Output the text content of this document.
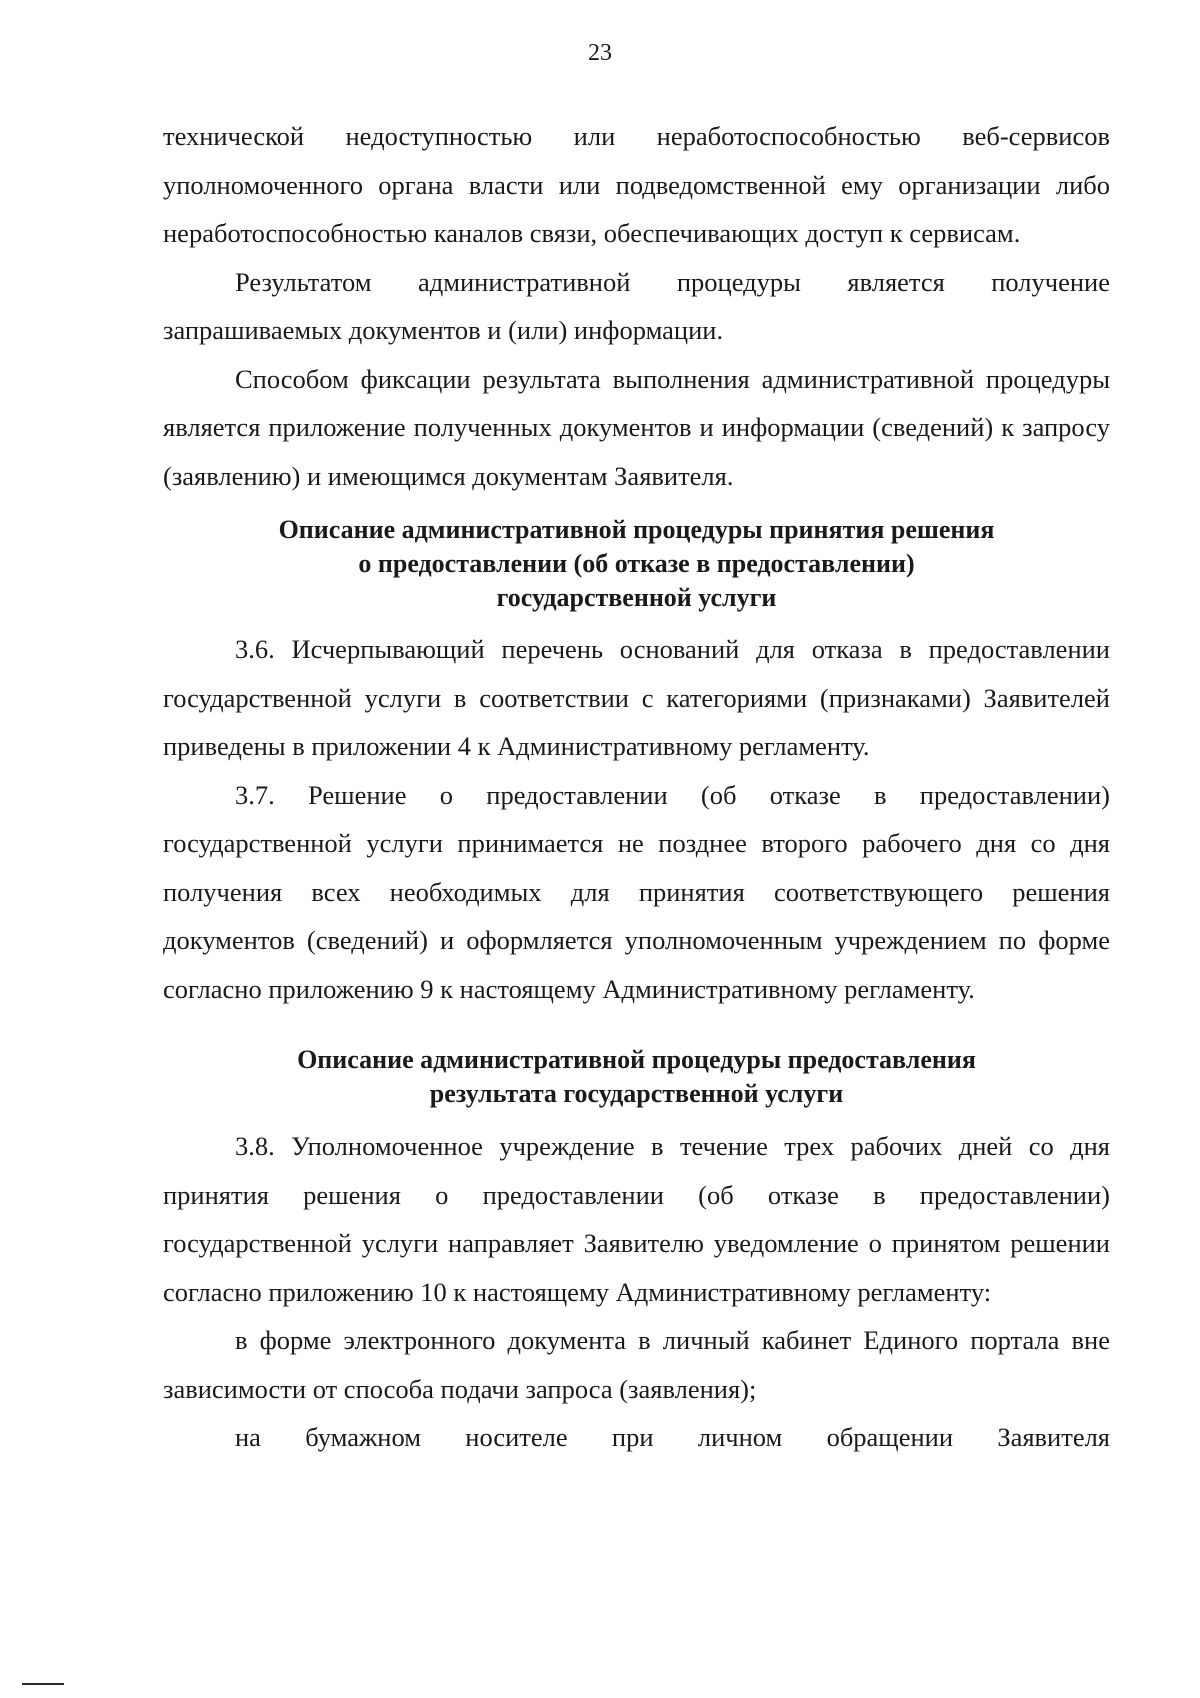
23

технической недоступностью или неработоспособностью веб-сервисов уполномоченного органа власти или подведомственной ему организации либо неработоспособностью каналов связи, обеспечивающих доступ к сервисам.

Результатом административной процедуры является получение запрашиваемых документов и (или) информации.

Способом фиксации результата выполнения административной процедуры является приложение полученных документов и информации (сведений) к запросу (заявлению) и имеющимся документам Заявителя.

Описание административной процедуры принятия решения
о предоставлении (об отказе в предоставлении)
государственной услуги

3.6. Исчерпывающий перечень оснований для отказа в предоставлении государственной услуги в соответствии с категориями (признаками) Заявителей приведены в приложении 4 к Административному регламенту.

3.7. Решение о предоставлении (об отказе в предоставлении) государственной услуги принимается не позднее второго рабочего дня со дня получения всех необходимых для принятия соответствующего решения документов (сведений) и оформляется уполномоченным учреждением по форме согласно приложению 9 к настоящему Административному регламенту.

Описание административной процедуры предоставления
результата государственной услуги

3.8. Уполномоченное учреждение в течение трех рабочих дней со дня принятия решения о предоставлении (об отказе в предоставлении) государственной услуги направляет Заявителю уведомление о принятом решении согласно приложению 10 к настоящему Административному регламенту:

в форме электронного документа в личный кабинет Единого портала вне зависимости от способа подачи запроса (заявления);

на бумажном носителе при личном обращении Заявителя
